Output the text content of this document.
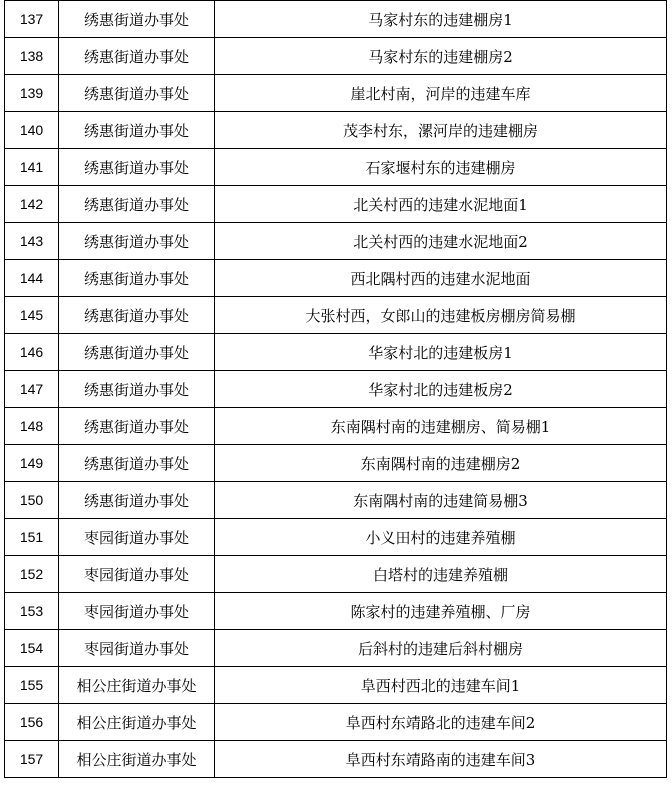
137	绣惠街道办事处	马家村东的违建棚房1
138	绣惠街道办事处	马家村东的违建棚房2
139	绣惠街道办事处	崖北村南，河岸的违建车库
140	绣惠街道办事处	茂李村东，漯河岸的违建棚房
141	绣惠街道办事处	石家堰村东的违建棚房
142	绣惠街道办事处	北关村西的违建水泥地面1
143	绣惠街道办事处	北关村西的违建水泥地面2
144	绣惠街道办事处	西北隅村西的违建水泥地面
145	绣惠街道办事处	大张村西，女郎山的违建板房棚房简易棚
146	绣惠街道办事处	华家村北的违建板房1
147	绣惠街道办事处	华家村北的违建板房2
148	绣惠街道办事处	东南隅村南的违建棚房、简易棚1
149	绣惠街道办事处	东南隅村南的违建棚房2
150	绣惠街道办事处	东南隅村南的违建简易棚3
151	枣园街道办事处	小义田村的违建养殖棚
152	枣园街道办事处	白塔村的违建养殖棚
153	枣园街道办事处	陈家村的违建养殖棚、厂房
154	枣园街道办事处	后斜村的违建后斜村棚房
155	相公庄街道办事处	阜西村西北的违建车间1
156	相公庄街道办事处	阜西村东靖路北的违建车间2
157	相公庄街道办事处	阜西村东靖路南的违建车间3
